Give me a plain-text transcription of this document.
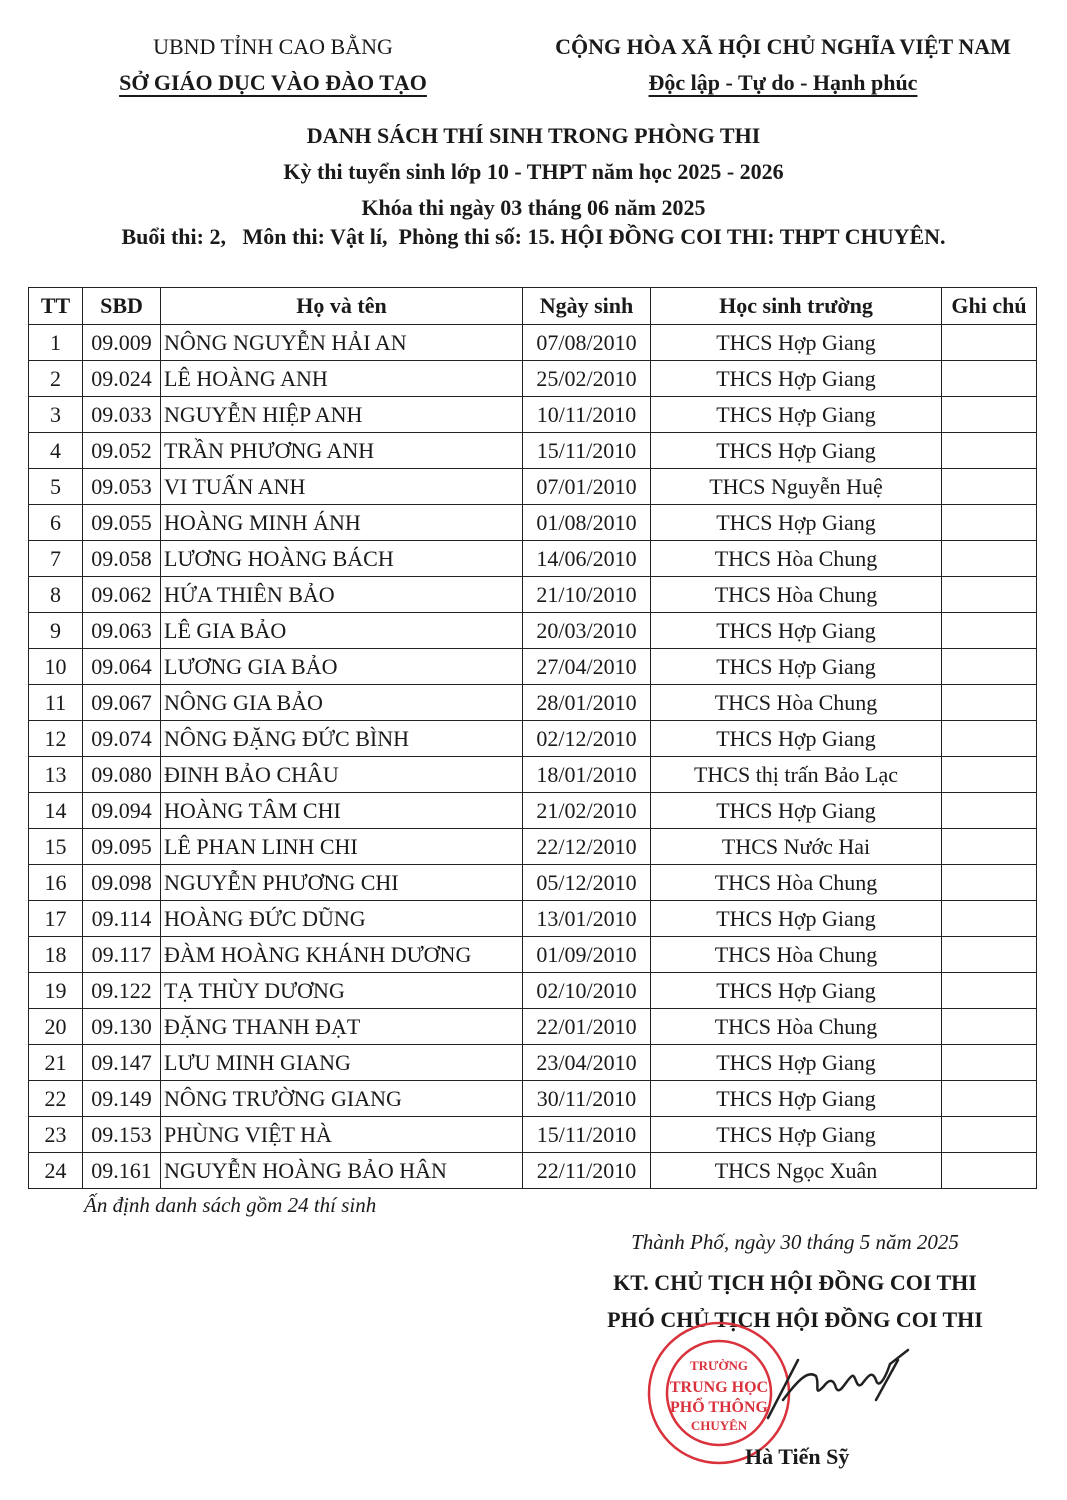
UBND TỈNH CAO BẰNG
SỞ GIÁO DỤC VÀO ĐÀO TẠO
CỘNG HÒA XÃ HỘI CHỦ NGHĨA VIỆT NAM
Độc lập - Tự do - Hạnh phúc
DANH SÁCH THÍ SINH TRONG PHÒNG THI
Kỳ thi tuyển sinh lớp 10 - THPT năm học 2025 - 2026
Khóa thi ngày 03 tháng 06 năm 2025
Buổi thi: 2,   Môn thi: Vật lí,  Phòng thi số: 15. HỘI ĐỒNG COI THI: THPT CHUYÊN.
TT	SBD	Họ và tên	Ngày sinh	Học sinh trường	Ghi chú
1	09.009	NÔNG NGUYỄN HẢI AN	07/08/2010	THCS Hợp Giang	
2	09.024	LÊ HOÀNG ANH	25/02/2010	THCS Hợp Giang	
3	09.033	NGUYỄN HIỆP ANH	10/11/2010	THCS Hợp Giang	
4	09.052	TRẦN PHƯƠNG ANH	15/11/2010	THCS Hợp Giang	
5	09.053	VI TUẤN ANH	07/01/2010	THCS Nguyễn Huệ	
6	09.055	HOÀNG MINH ÁNH	01/08/2010	THCS Hợp Giang	
7	09.058	LƯƠNG HOÀNG BÁCH	14/06/2010	THCS Hòa Chung	
8	09.062	HỨA THIÊN BẢO	21/10/2010	THCS Hòa Chung	
9	09.063	LÊ GIA BẢO	20/03/2010	THCS Hợp Giang	
10	09.064	LƯƠNG GIA BẢO	27/04/2010	THCS Hợp Giang	
11	09.067	NÔNG GIA BẢO	28/01/2010	THCS Hòa Chung	
12	09.074	NÔNG ĐẶNG ĐỨC BÌNH	02/12/2010	THCS Hợp Giang	
13	09.080	ĐINH BẢO CHÂU	18/01/2010	THCS thị trấn Bảo Lạc	
14	09.094	HOÀNG TÂM CHI	21/02/2010	THCS Hợp Giang	
15	09.095	LÊ PHAN LINH CHI	22/12/2010	THCS Nước Hai	
16	09.098	NGUYỄN PHƯƠNG CHI	05/12/2010	THCS Hòa Chung	
17	09.114	HOÀNG ĐỨC DŨNG	13/01/2010	THCS Hợp Giang	
18	09.117	ĐÀM HOÀNG KHÁNH DƯƠNG	01/09/2010	THCS Hòa Chung	
19	09.122	TẠ THÙY DƯƠNG	02/10/2010	THCS Hợp Giang	
20	09.130	ĐẶNG THANH ĐẠT	22/01/2010	THCS Hòa Chung	
21	09.147	LƯU MINH GIANG	23/04/2010	THCS Hợp Giang	
22	09.149	NÔNG TRƯỜNG GIANG	30/11/2010	THCS Hợp Giang	
23	09.153	PHÙNG VIỆT HÀ	15/11/2010	THCS Hợp Giang	
24	09.161	NGUYỄN HOÀNG BẢO HÂN	22/11/2010	THCS Ngọc Xuân	
Ấn định danh sách gồm 24 thí sinh
Thành Phố, ngày 30 tháng 5 năm 2025
KT. CHỦ TỊCH HỘI ĐỒNG COI THI
PHÓ CHỦ TỊCH HỘI ĐỒNG COI THI
TRƯỜNG
TRUNG HỌC
PHỔ THÔNG
CHUYÊN
Hà Tiến Sỹ
